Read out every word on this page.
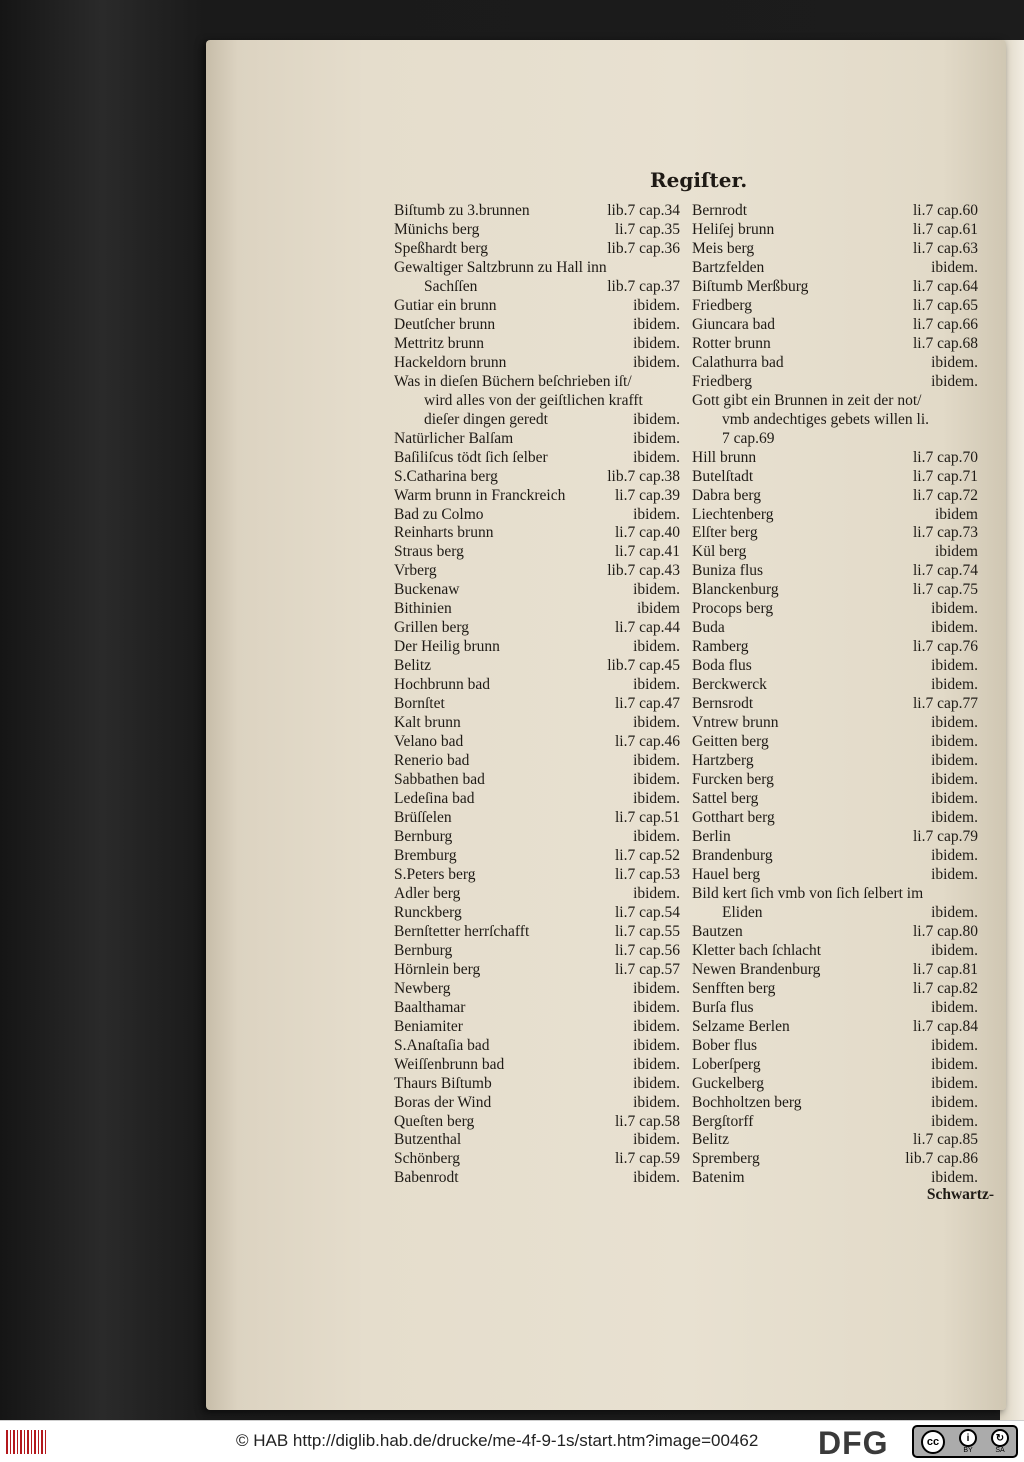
Regiſter.
Biſtumb zu 3.brunnen	lib.7 cap.34
Münichs berg	li.7 cap.35
Speßhardt berg	lib.7 cap.36
Gewaltiger Saltzbrunn zu Hall inn
Sachſſen	lib.7 cap.37
Gutiar ein brunn	ibidem.
Deutſcher brunn	ibidem.
Mettritz brunn	ibidem.
Hackeldorn brunn	ibidem.
Was in dieſen Büchern beſchrieben iſt/
wird alles von der geiſtlichen krafft
dieſer dingen geredt	ibidem.
Natürlicher Balſam	ibidem.
Baſiliſcus tödt ſich ſelber	ibidem.
S.Catharina berg	lib.7 cap.38
Warm brunn in Franckreich	li.7 cap.39
Bad zu Colmo	ibidem.
Reinharts brunn	li.7 cap.40
Straus berg	li.7 cap.41
Vrberg	lib.7 cap.43
Buckenaw	ibidem.
Bithinien	ibidem
Grillen berg	li.7 cap.44
Der Heilig brunn	ibidem.
Belitz	lib.7 cap.45
Hochbrunn bad	ibidem.
Bornſtet	li.7 cap.47
Kalt brunn	ibidem.
Velano bad	li.7 cap.46
Renerio bad	ibidem.
Sabbathen bad	ibidem.
Ledeſina bad	ibidem.
Brüſſelen	li.7 cap.51
Bernburg	ibidem.
Bremburg	li.7 cap.52
S.Peters berg	li.7 cap.53
Adler berg	ibidem.
Runckberg	li.7 cap.54
Bernſtetter herrſchafft	li.7 cap.55
Bernburg	li.7 cap.56
Hörnlein berg	li.7 cap.57
Newberg	ibidem.
Baalthamar	ibidem.
Beniamiter	ibidem.
S.Anaſtaſia bad	ibidem.
Weiſſenbrunn bad	ibidem.
Thaurs Biſtumb	ibidem.
Boras der Wind	ibidem.
Queſten berg	li.7 cap.58
Butzenthal	ibidem.
Schönberg	li.7 cap.59
Babenrodt	ibidem.
Bernrodt	li.7 cap.60
Heliſej brunn	li.7 cap.61
Meis berg	li.7 cap.63
Bartzfelden	ibidem.
Biſtumb Merßburg	li.7 cap.64
Friedberg	li.7 cap.65
Giuncara bad	li.7 cap.66
Rotter brunn	li.7 cap.68
Calathurra bad	ibidem.
Friedberg	ibidem.
Gott gibt ein Brunnen in zeit der not/
vmb andechtiges gebets willen li.
7 cap.69
Hill brunn	li.7 cap.70
Butelſtadt	li.7 cap.71
Dabra berg	li.7 cap.72
Liechtenberg	ibidem
Elſter berg	li.7 cap.73
Kül berg	ibidem
Buniza flus	li.7 cap.74
Blanckenburg	li.7 cap.75
Procops berg	ibidem.
Buda	ibidem.
Ramberg	li.7 cap.76
Boda flus	ibidem.
Berckwerck	ibidem.
Bernsrodt	li.7 cap.77
Vntrew brunn	ibidem.
Geitten berg	ibidem.
Hartzberg	ibidem.
Furcken berg	ibidem.
Sattel berg	ibidem.
Gotthart berg	ibidem.
Berlin	li.7 cap.79
Brandenburg	ibidem.
Hauel berg	ibidem.
Bild kert ſich vmb von ſich ſelbert im
Eliden	ibidem.
Bautzen	li.7 cap.80
Kletter bach ſchlacht	ibidem.
Newen Brandenburg	li.7 cap.81
Senfften berg	li.7 cap.82
Burſa flus	ibidem.
Selzame Berlen	li.7 cap.84
Bober flus	ibidem.
Loberſperg	ibidem.
Guckelberg	ibidem.
Bochholtzen berg	ibidem.
Bergſtorff	ibidem.
Belitz	li.7 cap.85
Spremberg	lib.7 cap.86
Batenim	ibidem.
Schwartz-
© HAB http://diglib.hab.de/drucke/me-4f-9-1s/start.htm?image=00462 DFG	cc	i
BY
↻
SA
